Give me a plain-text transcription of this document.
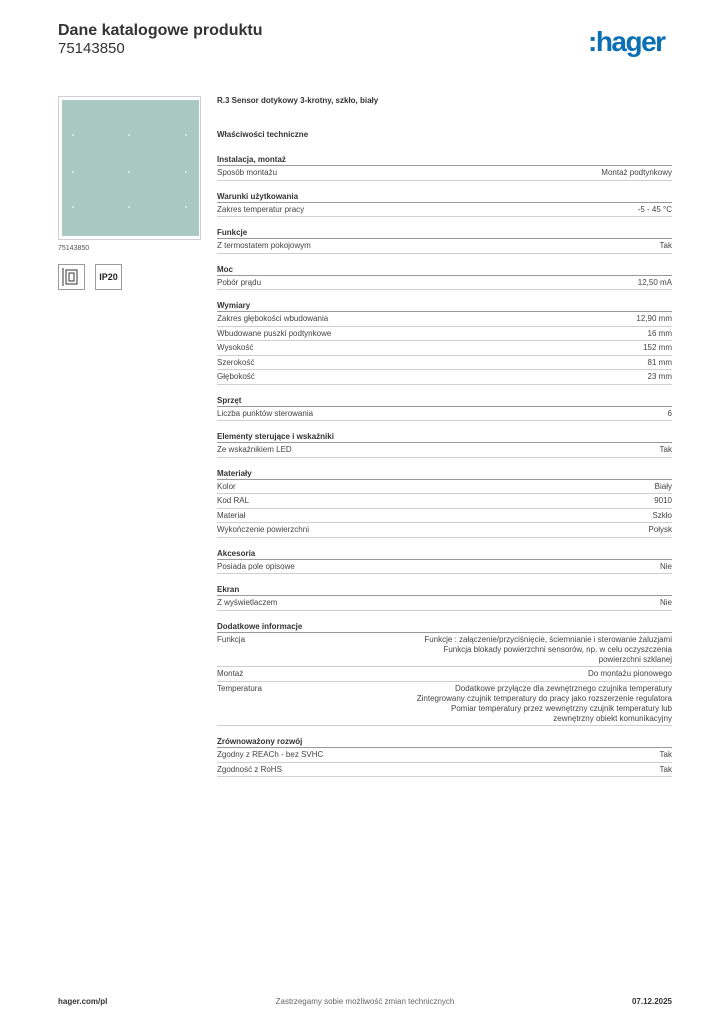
Dane katalogowe produktu
75143850	:hager
75143850
IP20
R.3 Sensor dotykowy 3-krotny, szkło, biały
Właściwości techniczne
Instalacja, montaż
Sposób montażu	Montaż podtynkowy
Warunki użytkowania
Zakres temperatur pracy	-5 - 45 °C
Funkcje
Z termostatem pokojowym	Tak
Moc
Pobór prądu	12,50 mA
Wymiary
Zakres głębokości wbudowania	12,90 mm
Wbudowane puszki podtynkowe	16 mm
Wysokość	152 mm
Szerokość	81 mm
Głębokość	23 mm
Sprzęt
Liczba punktów sterowania	6
Elementy sterujące i wskaźniki
Ze wskaźnikiem LED	Tak
Materiały
Kolor	Biały
Kod RAL	9010
Materiał	Szkło
Wykończenie powierzchni	Połysk
Akcesoria
Posiada pole opisowe	Nie
Ekran
Z wyświetlaczem	Nie
Dodatkowe informacje
Funkcja	Funkcje : załączenie/przyciśnięcie, ściemnianie i sterowanie żaluzjami
Funkcja blokady powierzchni sensorów, np. w celu oczyszczenia
powierzchni szklanej
Montaż	Do montażu pionowego
Temperatura	Dodatkowe przyłącze dla zewnętrznego czujnika temperatury
Zintegrowany czujnik temperatury do pracy jako rozszerzenie regulatora
Pomiar temperatury przez wewnętrzny czujnik temperatury lub
zewnętrzny obiekt komunikacyjny
Zrównoważony rozwój
Zgodny z REACh - bez SVHC	Tak
Zgodność z RoHS	Tak
hager.com/pl	Zastrzegamy sobie możliwość zmian technicznych	07.12.2025
